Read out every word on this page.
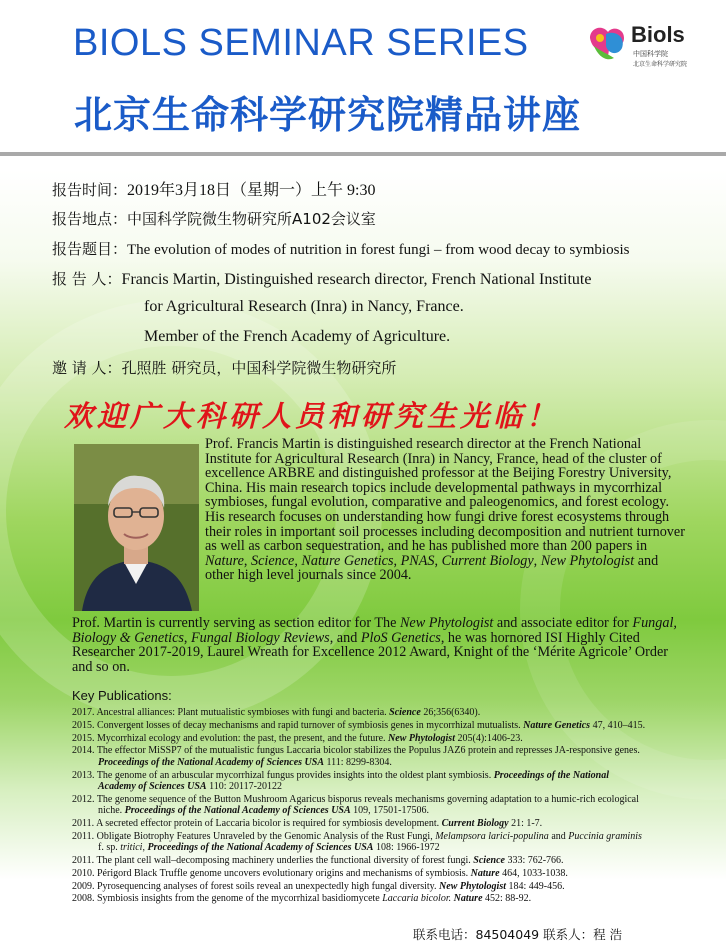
BIOLS SEMINAR SERIES
北京生命科学研究院精品讲座
Biols
中国科学院
北京生命科学研究院
报告时间：2019年3月18日（星期一）上午 9:30
报告地点：中国科学院微生物研究所A102会议室
报告题目：The evolution of modes of nutrition in forest fungi – from wood decay to symbiosis
报 告 人：Francis Martin, Distinguished research director, French National Institute
for Agricultural Research (Inra) in Nancy, France.
Member of the French Academy of Agriculture.
邀 请 人：孔照胜 研究员，中国科学院微生物研究所
欢迎广大科研人员和研究生光临！
Prof. Francis Martin is distinguished research director at the French National Institute for Agricultural Research (Inra) in Nancy, France, head of the cluster of excellence ARBRE and distinguished professor at the Beijing Forestry University, China. His main research topics include developmental pathways in mycorrhizal symbioses, fungal evolution, comparative and paleogenomics, and forest ecology. His research focuses on understanding how fungi drive forest ecosystems through their roles in important soil processes including decomposition and nutrient turnover as well as carbon sequestration, and he has published more than 200 papers in Nature, Science, Nature Genetics, PNAS, Current Biology, New Phytologist and other high level journals since 2004.
Prof. Martin is currently serving as section editor for The New Phytologist and associate editor for Fungal, Biology & Genetics, Fungal Biology Reviews, and PloS Genetics, he was hornored ISI Highly Cited Researcher 2017-2019, Laurel Wreath for Excellence 2012 Award, Knight of the ‘Mérite Agricole’ Order and so on.
Key Publications:
2017. Ancestral alliances: Plant mutualistic symbioses with fungi and bacteria. Science 26;356(6340).
2015. Convergent losses of decay mechanisms and rapid turnover of symbiosis genes in mycorrhizal mutualists. Nature Genetics 47, 410–415.
2015. Mycorrhizal ecology and evolution: the past, the present, and the future. New Phytologist 205(4):1406-23.
2014. The effector MiSSP7 of the mutualistic fungus Laccaria bicolor stabilizes the Populus JAZ6 protein and represses JA-responsive genes.
Proceedings of the National Academy of Sciences USA 111: 8299-8304.
2013. The genome of an arbuscular mycorrhizal fungus provides insights into the oldest plant symbiosis. Proceedings of the National
Academy of Sciences USA 110: 20117-20122
2012. The genome sequence of the Button Mushroom Agaricus bisporus reveals mechanisms governing adaptation to a humic-rich ecological
niche. Proceedings of the National Academy of Sciences USA 109, 17501-17506.
2011. A secreted effector protein of Laccaria bicolor is required for symbiosis development. Current Biology 21: 1-7.
2011. Obligate Biotrophy Features Unraveled by the Genomic Analysis of the Rust Fungi, Melampsora larici-populina and Puccinia graminis
f. sp. tritici, Proceedings of the National Academy of Sciences USA 108: 1966-1972
2011. The plant cell wall–decomposing machinery underlies the functional diversity of forest fungi. Science 333: 762-766.
2010. Périgord Black Truffle genome uncovers evolutionary origins and mechanisms of symbiosis. Nature 464, 1033-1038.
2009. Pyrosequencing analyses of forest soils reveal an unexpectedly high fungal diversity. New Phytologist 184: 449-456.
2008. Symbiosis insights from the genome of the mycorrhizal basidiomycete Laccaria bicolor. Nature 452: 88-92.
联系电话：84504049 联系人：程 浩
